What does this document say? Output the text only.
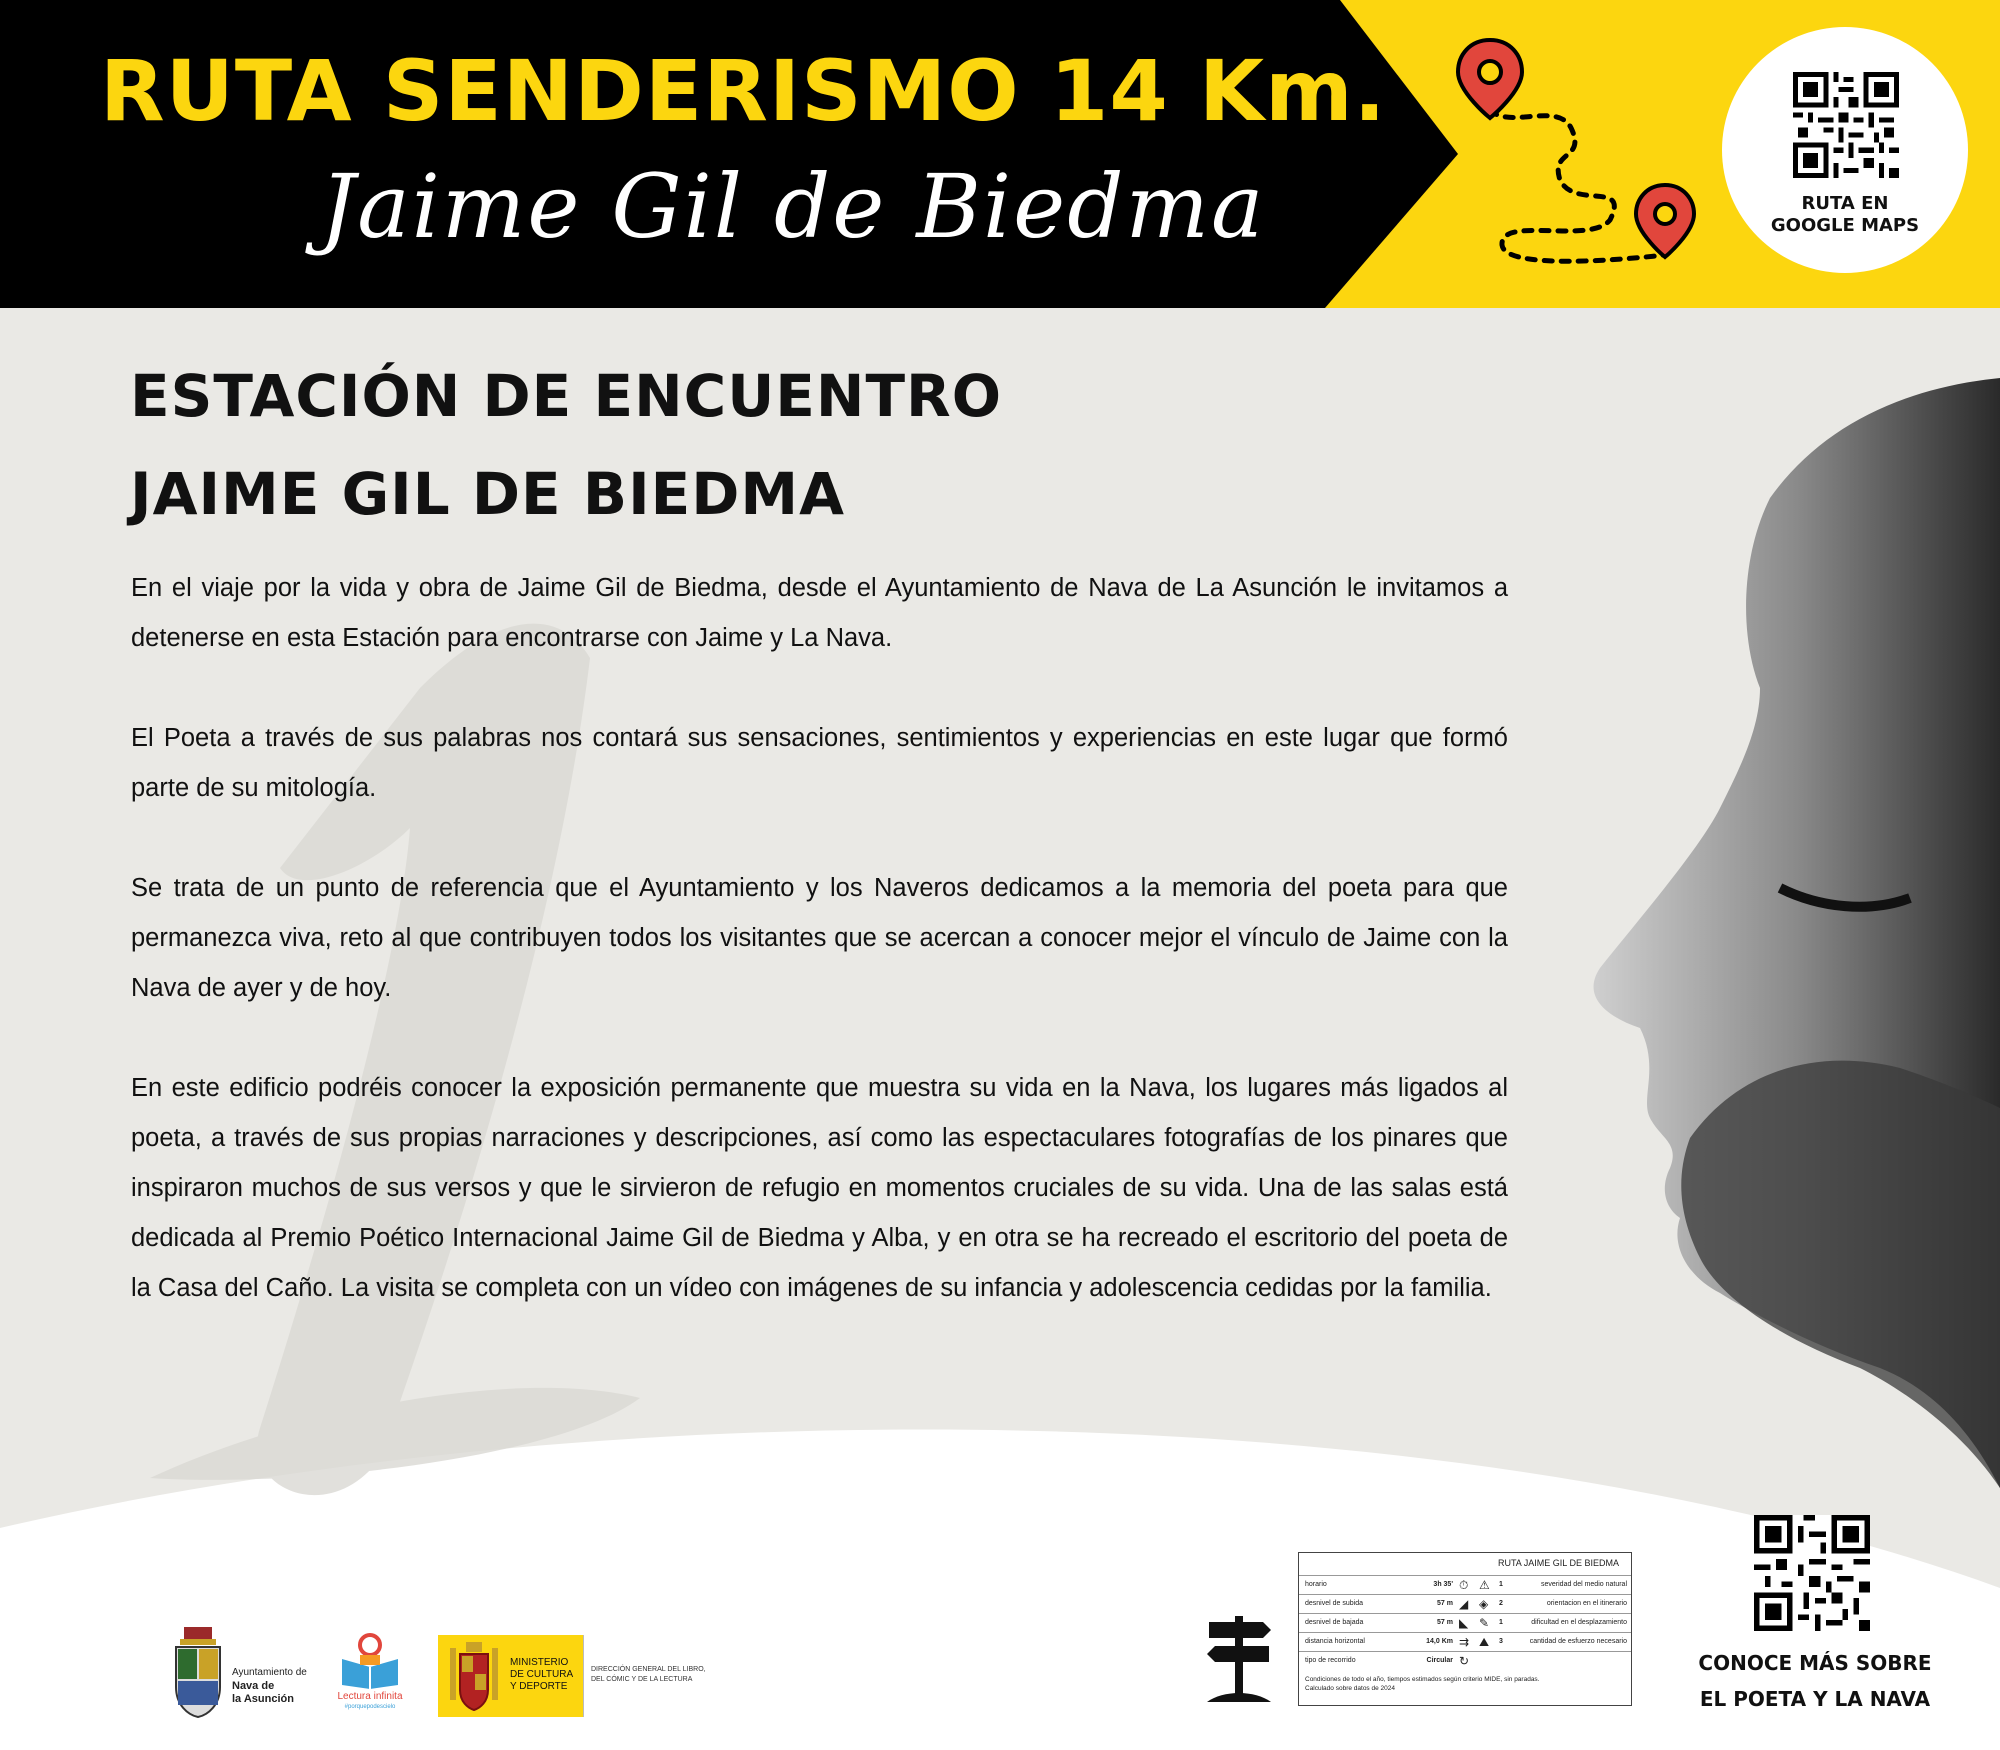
RUTA SENDERISMO 14 Km.
Jaime Gil de Biedma	RUTA EN
GOOGLE MAPS
ESTACIÓN DE ENCUENTRO
JAIME GIL DE BIEDMA

En el viaje por la vida y obra de Jaime Gil de Biedma, desde el Ayuntamiento de Nava de La Asunción le invitamos a detenerse en esta Estación para encontrarse con Jaime y La Nava.

El Poeta a través de sus palabras nos contará sus sensaciones, sentimientos y experiencias en este lugar que formó parte de su mitología.

Se trata de un punto de referencia que el Ayuntamiento y los Naveros dedicamos a la memoria del poeta para que permanezca viva, reto al que contribuyen todos los visitantes que se acercan a conocer mejor el vínculo de Jaime con la Nava de ayer y de hoy.

En este edificio podréis conocer la exposición permanente que muestra su vida en la Nava, los lugares más ligados al poeta, a través de sus propias narraciones y descripciones, así como las espectaculares fotografías de los pinares que inspiraron muchos de sus versos y que le sirvieron de refugio en momentos cruciales de su vida. Una de las salas está dedicada al Premio Poético Internacional Jaime Gil de Biedma y Alba, y en otra se ha recreado el escritorio del poeta de la Casa del Caño. La visita se completa con un vídeo con imágenes de su infancia y adolescencia cedidas por la familia.

Ayuntamiento de
Nava de
la Asunción	Lectura infinita
#porquepodescielo
MINISTERIO
DE CULTURA
Y DEPORTE
DIRECCIÓN GENERAL DEL LIBRO,
DEL CÓMIC Y DE LA LECTURA
RUTA JAIME GIL DE BIEDMA
horario	3h 35' ⏱ ⚠ 1	severidad del medio natural
desnivel de subida	57 m ◢ ◈ 2	orientacion en el itinerario
desnivel de bajada	57 m ◣ ✎ 1	dificultad en el desplazamiento
distancia horizontal	14,0 Km ⇉ ⛰ 3	cantidad de esfuerzo necesario
tipo de recorrido	Circular ↻
Condiciones de todo el año, tiempos estimados según criterio MIDE, sin paradas.
Calculado sobre datos de 2024
CONOCE MÁS SOBRE
EL POETA Y LA NAVA
